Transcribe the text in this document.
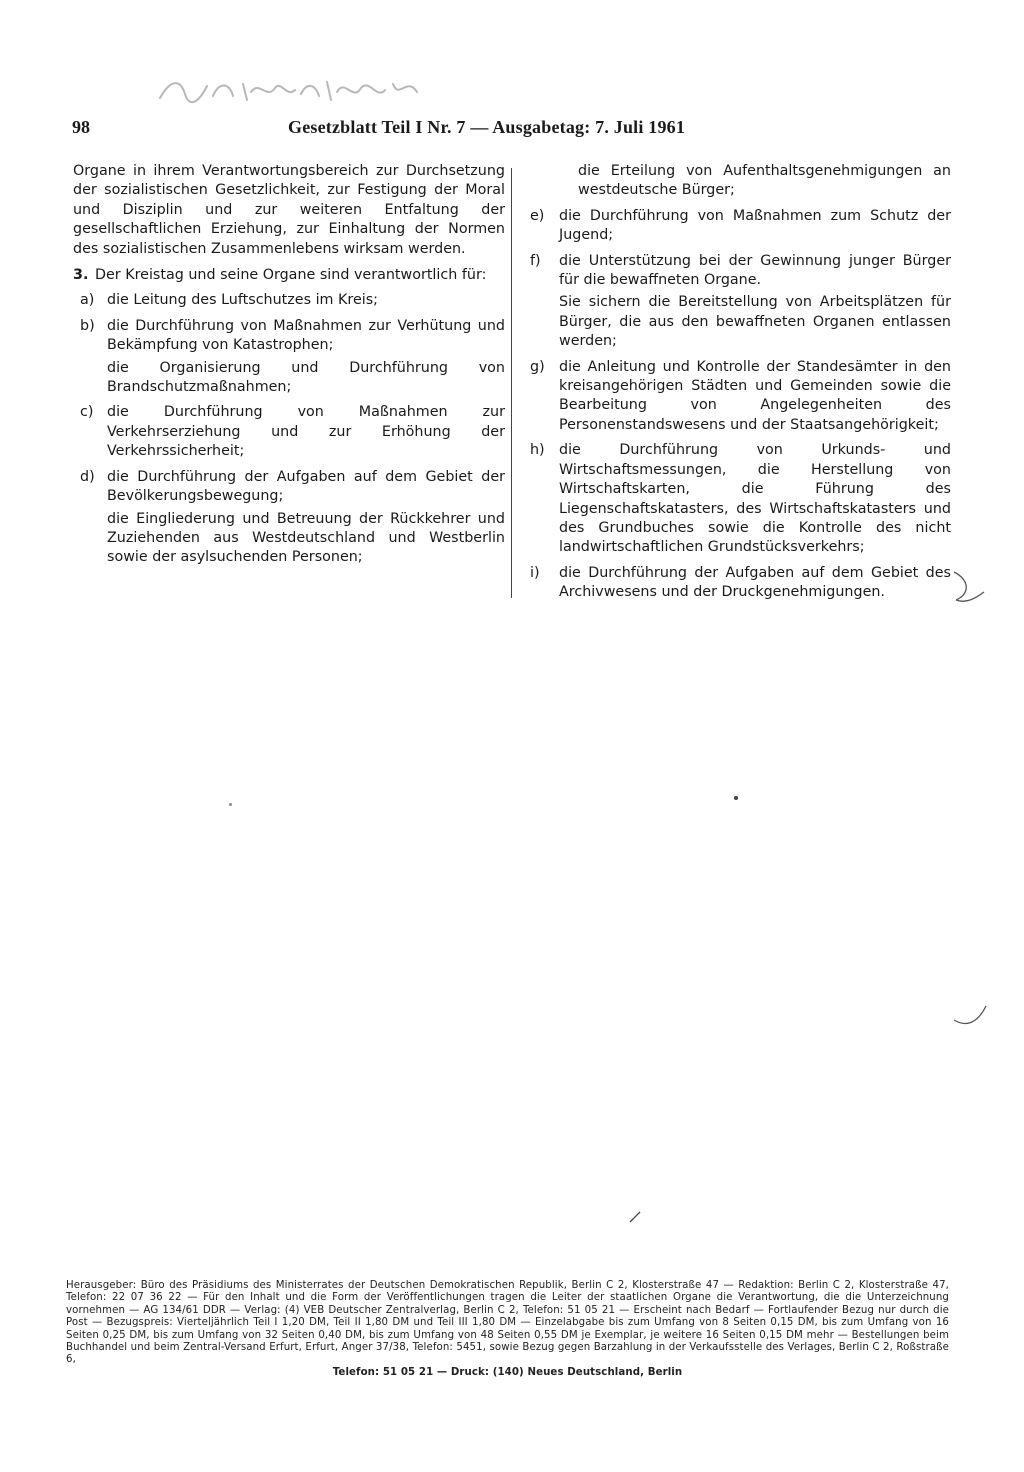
98	Gesetzblatt Teil I Nr. 7 — Ausgabetag: 7. Juli 1961

Organe in ihrem Verantwortungsbereich zur Durchsetzung der sozialistischen Gesetzlichkeit, zur Festigung der Moral und Disziplin und zur weiteren Entfaltung der gesellschaftlichen Erziehung, zur Einhaltung der Normen des sozialistischen Zusammenlebens wirksam werden.

3. Der Kreistag und seine Organe sind verantwortlich für:
a) die Leitung des Luftschutzes im Kreis;

b) die Durchführung von Maßnahmen zur Verhütung und Bekämpfung von Katastrophen;

die Organisierung und Durchführung von Brandschutzmaßnahmen;

c) die Durchführung von Maßnahmen zur Verkehrserziehung und zur Erhöhung der Verkehrssicherheit;

d) die Durchführung der Aufgaben auf dem Gebiet der Bevölkerungsbewegung;

die Eingliederung und Betreuung der Rückkehrer und Zuziehenden aus Westdeutschland und Westberlin sowie der asylsuchenden Personen;

die Erteilung von Aufenthaltsgenehmigungen an westdeutsche Bürger;

e)	die Durchführung von Maßnahmen zum Schutz der Jugend;

f)	die Unterstützung bei der Gewinnung junger Bürger für die bewaffneten Organe.

Sie sichern die Bereitstellung von Arbeitsplätzen für Bürger, die aus den bewaffneten Organen entlassen werden;

g)	die Anleitung und Kontrolle der Standesämter in den kreisangehörigen Städten und Gemeinden sowie die Bearbeitung von Angelegenheiten des Personenstandswesens und der Staatsangehörigkeit;

h)	die Durchführung von Urkunds- und Wirtschaftsmessungen, die Herstellung von Wirtschaftskarten, die Führung des Liegenschaftskatasters, des Wirtschaftskatasters und des Grundbuches sowie die Kontrolle des nicht landwirtschaftlichen Grundstücksverkehrs;

i)	die Durchführung der Aufgaben auf dem Gebiet des Archivwesens und der Druckgenehmigungen.

Herausgeber: Büro des Präsidiums des Ministerrates der Deutschen Demokratischen Republik, Berlin C 2, Klosterstraße 47 — Redaktion: Berlin C 2, Klosterstraße 47, Telefon: 22 07 36 22 — Für den Inhalt und die Form der Veröffentlichungen tragen die Leiter der staatlichen Organe die Verantwortung, die die Unterzeichnung vornehmen — AG 134/61 DDR — Verlag: (4) VEB Deutscher Zentralverlag, Berlin C 2, Telefon: 51 05 21 — Erscheint nach Bedarf — Fortlaufender Bezug nur durch die Post — Bezugspreis: Vierteljährlich Teil I 1,20 DM, Teil II 1,80 DM und Teil III 1,80 DM — Einzelabgabe bis zum Umfang von 8 Seiten 0,15 DM, bis zum Umfang von 16 Seiten 0,25 DM, bis zum Umfang von 32 Seiten 0,40 DM, bis zum Umfang von 48 Seiten 0,55 DM je Exemplar, je weitere 16 Seiten 0,15 DM mehr — Bestellungen beim Buchhandel und beim Zentral-Versand Erfurt, Erfurt, Anger 37/38, Telefon: 5451, sowie Bezug gegen Barzahlung in der Verkaufsstelle des Verlages, Berlin C 2, Roßstraße 6,

Telefon: 51 05 21 — Druck: (140) Neues Deutschland, Berlin
